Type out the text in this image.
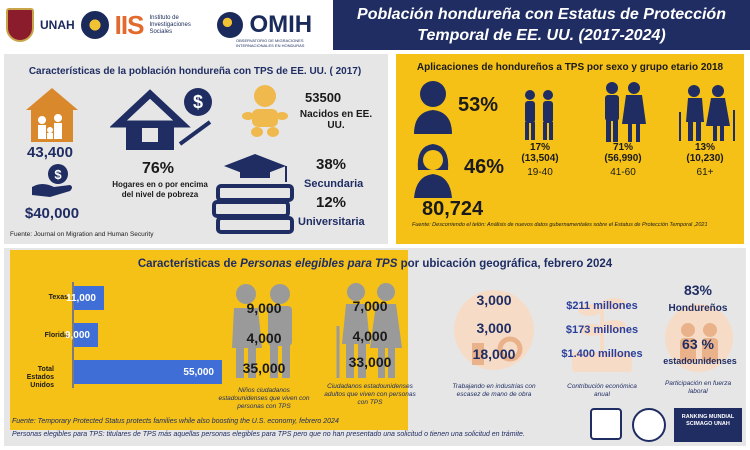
UNAH IIS Instituto de Investigaciones Sociales	OMIH
OBSERVATORIO DE MIGRACIONES INTERNACIONALES EN HONDURAS
Población hondureña con Estatus de Protección
Temporal de EE. UU. (2017-2024)
Características de la población hondureña con TPS de EE. UU. ( 2017)
43,400
$
$40,000
$
76%
Hogares en o por encima del nivel de pobreza
53500
Nacidos en EE. UU.
38%
Secundaria
12%
Universitaria
Fuente: Journal on Migration and Human Security
Aplicaciones de hondureños a TPS por sexo y grupo etario 2018
53%
46%
80,724
17%
(13,504)
19-40
71%
(56,990)
41-60
13%
(10,230)
61+
Fuente: Descorriendo el telón: Análisis de nuevos datos gubernamentales sobre el Estatus de Protección Temporal ,2021
Características de Personas elegibles para TPS por ubicación geográfica, febrero 2024
Texas
11,000
Florida
9,000
Total Estados Unidos
55,000
9,000
4,000
35,000
Niños ciudadanos estadounidenses que viven con personas con TPS
7,000
4,000
33,000
Ciudadanos estadounidenses adultos que viven con personas con TPS
3,000
3,000
18,000
Trabajando en industrias con escasez de mano de obra
$211 millones
$173 millones
$1.400 millones
Contribución económica anual
83%
Hondureños
63 %
estadounidenses
Participación en fuerza laboral
Fuente: Temporary Protected Status protects families while also boosting the U.S. economy, febrero 2024
Personas elegibles para TPS: titulares de TPS más aquellas personas elegibles para TPS pero que no han presentado una solicitud o tienen una solicitud en trámite.
RANKING MUNDIAL SCIMAGO UNAH
